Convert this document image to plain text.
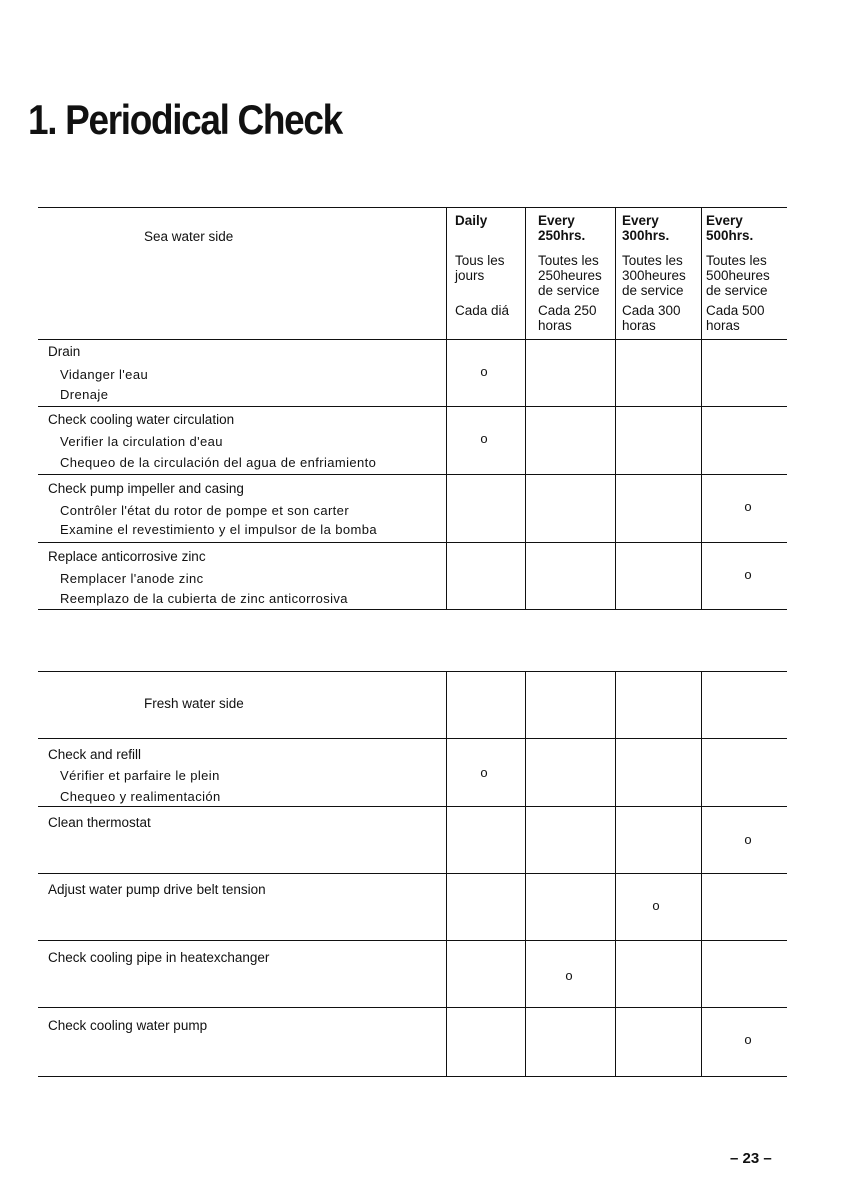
1. Periodical Check
Sea water side
Daily
Tous les
jours
Cada diá
Every
250hrs.
Toutes les
250heures
de service
Cada 250
horas
Every
300hrs.
Toutes les
300heures
de service
Cada 300
horas
Every
500hrs.
Toutes les
500heures
de service
Cada 500
horas
Drain
Vidanger l'eau
Drenaje
Check cooling water circulation
Verifier la circulation d'eau
Chequeo de la circulación del agua de enfriamiento
Check pump impeller and casing
Contrôler l'état du rotor de pompe et son carter
Examine el revestimiento y el impulsor de la bomba
Replace anticorrosive zinc
Remplacer l'anode zinc
Reemplazo de la cubierta de zinc anticorrosiva
o
o
o
o
Fresh water side
Check and refill
Vérifier et parfaire le plein
Chequeo y realimentación
Clean thermostat
Adjust water pump drive belt tension
Check cooling pipe in heatexchanger
Check cooling water pump
o
o
o
o
o
– 23 –
